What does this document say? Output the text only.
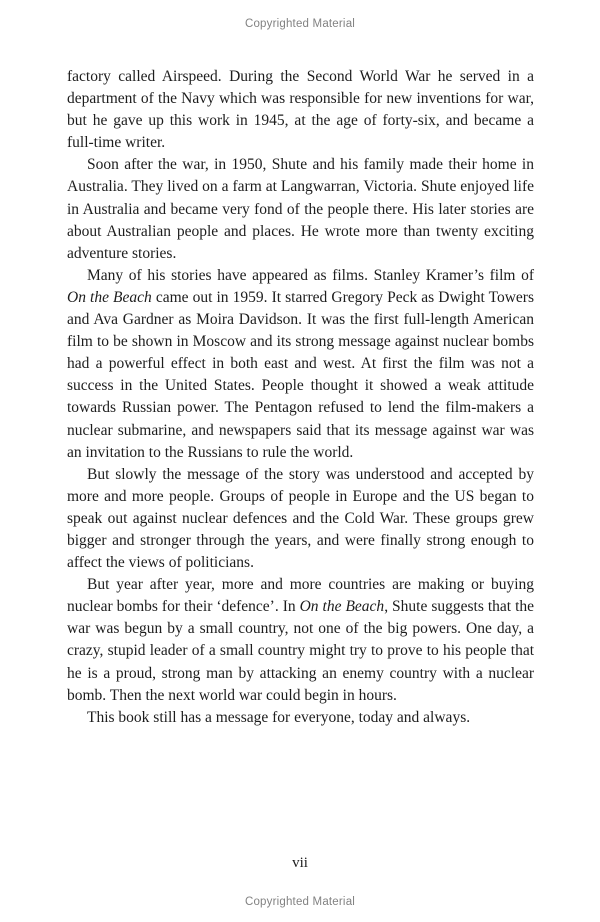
Copyrighted Material

factory called Airspeed. During the Second World War he served in a department of the Navy which was responsible for new inventions for war, but he gave up this work in 1945, at the age of forty-six, and became a full-time writer.

Soon after the war, in 1950, Shute and his family made their home in Australia. They lived on a farm at Langwarran, Victoria. Shute enjoyed life in Australia and became very fond of the people there. His later stories are about Australian people and places. He wrote more than twenty exciting adventure stories.

Many of his stories have appeared as films. Stanley Kramer’s film of On the Beach came out in 1959. It starred Gregory Peck as Dwight Towers and Ava Gardner as Moira Davidson. It was the first full-length American film to be shown in Moscow and its strong message against nuclear bombs had a powerful effect in both east and west. At first the film was not a success in the United States. People thought it showed a weak attitude towards Russian power. The Pentagon refused to lend the film-makers a nuclear submarine, and newspapers said that its message against war was an invitation to the Russians to rule the world.

But slowly the message of the story was understood and accepted by more and more people. Groups of people in Europe and the US began to speak out against nuclear defences and the Cold War. These groups grew bigger and stronger through the years, and were finally strong enough to affect the views of politicians.

But year after year, more and more countries are making or buying nuclear bombs for their ‘defence’. In On the Beach, Shute suggests that the war was begun by a small country, not one of the big powers. One day, a crazy, stupid leader of a small country might try to prove to his people that he is a proud, strong man by attacking an enemy country with a nuclear bomb. Then the next world war could begin in hours.

This book still has a message for everyone, today and always.

vii
Copyrighted Material
